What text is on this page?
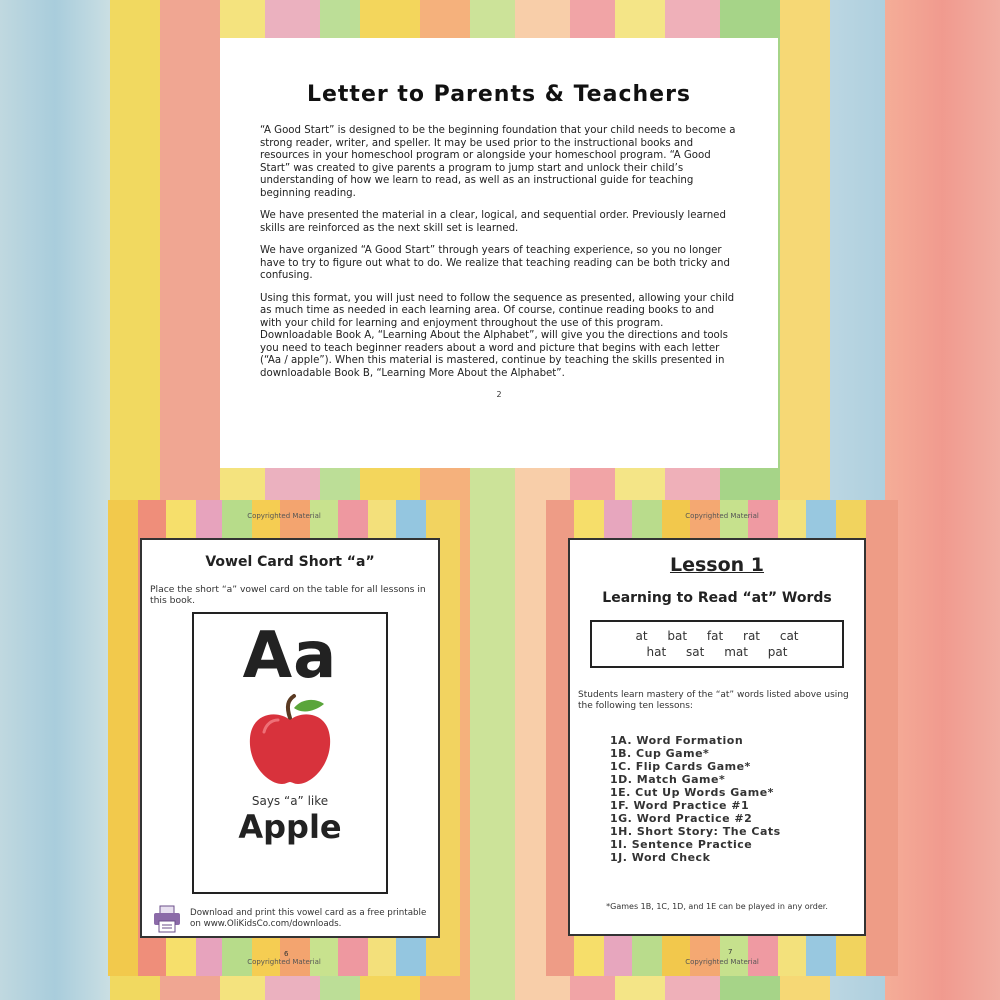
Letter to Parents & Teachers

“A Good Start” is designed to be the beginning foundation that your child needs to become a strong reader, writer, and speller. It may be used prior to the instructional books and resources in your homeschool program or alongside your homeschool program. “A Good Start” was created to give parents a program to jump start and unlock their child’s understanding of how we learn to read, as well as an instructional guide for teaching beginning reading.

We have presented the material in a clear, logical, and sequential order. Previously learned skills are reinforced as the next skill set is learned.

We have organized “A Good Start” through years of teaching experience, so you no longer have to try to figure out what to do. We realize that teaching reading can be both tricky and confusing.

Using this format, you will just need to follow the sequence as presented, allowing your child as much time as needed in each learning area. Of course, continue reading books to and with your child for learning and enjoyment throughout the use of this program. Downloadable Book A, “Learning About the Alphabet”, will give you the directions and tools you need to teach beginner readers about a word and picture that begins with each letter (“Aa / apple”). When this material is mastered, continue by teaching the skills presented in downloadable Book B, “Learning More About the Alphabet”.

2
Copyrighted Material
Vowel Card Short “a”
Place the short “a” vowel card on the table for all lessons in this book.
Aa
Says “a” like
Apple
Download and print this vowel card as a free printable on www.OliKidsCo.com/downloads.
6
Copyrighted Material
Copyrighted Material
Lesson 1
Learning to Read “at” Words
at bat fat rat cat
hat sat mat pat
Students learn mastery of the “at” words listed above using the following ten lessons:
1A. Word Formation
1B. Cup Game*
1C. Flip Cards Game*
1D. Match Game*
1E. Cut Up Words Game*
1F. Word Practice #1
1G. Word Practice #2
1H. Short Story: The Cats
1I. Sentence Practice
1J. Word Check
*Games 1B, 1C, 1D, and 1E can be played in any order.
7
Copyrighted Material
